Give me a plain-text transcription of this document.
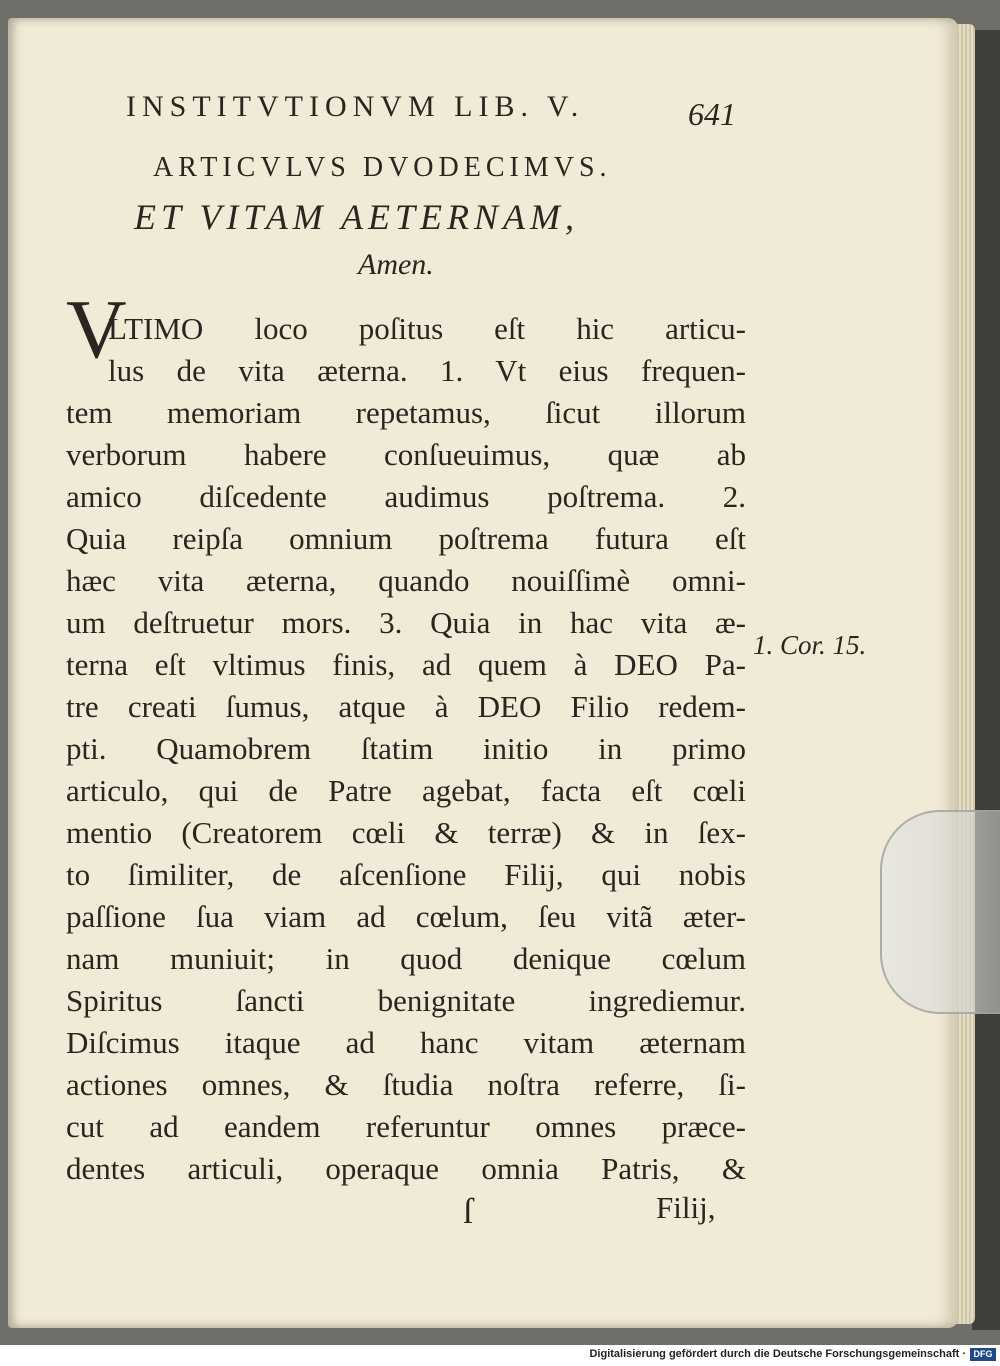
INSTITVTIONVM LIB. V.	641
ARTICVLVS DVODECIMVS.
ET VITAM AETERNAM,
Amen.
V
LTIMO loco poſitus eſt hic articu-
lus de vita æterna. 1. Vt eius frequen-
tem memoriam repetamus, ſicut illorum
verborum habere conſueuimus, quæ ab
amico diſcedente audimus poſtrema. 2.
Quia reipſa omnium poſtrema futura eſt
hæc vita æterna, quando nouiſſimè omni-
um deſtruetur mors. 3. Quia in hac vita æ-
terna eſt vltimus finis, ad quem à DEO Pa-
tre creati ſumus, atque à DEO Filio redem-
pti. Quamobrem ſtatim initio in primo
articulo, qui de Patre agebat, facta eſt cœli
mentio (Creatorem cœli & terræ) & in ſex-
to ſimiliter, de aſcenſione Filij, qui nobis
paſſione ſua viam ad cœlum, ſeu vitã æter-
nam muniuit; in quod denique cœlum
Spiritus ſancti benignitate ingrediemur.
Diſcimus itaque ad hanc vitam æternam
actiones omnes, & ſtudia noſtra referre, ſi-
cut ad eandem referuntur omnes præce-
dentes articuli, operaque omnia Patris, &
ſ	Filij,
1. Cor. 15.
Digitalisierung gefördert durch die Deutsche Forschungsgemeinschaft · DFG
